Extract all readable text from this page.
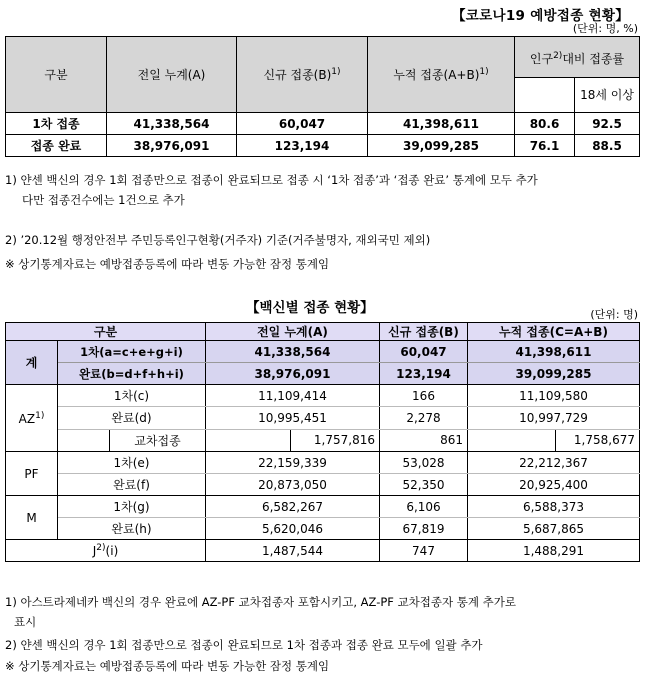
【코로나19 예방접종 현황】
(단위: 명, %)
구분	전일 누계(A)	신규 접종$(B)^{1)}$	누적 접종$(A+B)^{1)}$	인구$^{2)}$대비 접종률	
					18세 이상
1차 접종	41,338,564	60,047	41,398,611	80.6	92.5
접종 완료	38,976,091	123,194	39,099,285	76.1	88.5
1) 얀센 백신의 경우 1회 접종만으로 접종이 완료되므로 접종 시 ‘1차 접종’과 ‘접종 완료’ 통계에 모두 추가
다만 접종건수에는 1건으로 추가
2) ’20.12월 행정안전부 주민등록인구현황(거주자) 기준(거주불명자, 재외국민 제외)
※ 상기통계자료는 예방접종등록에 따라 변동 가능한 잠정 통계임
【백신별 접종 현황】	(단위: 명)
구분			전일 누계(A)		신규 접종(B)	누적 접종(C=A+B)	
계	1차(a=c+e+g+i)		41,338,564		60,047	41,398,611	
	완료(b=d+f+h+i)		38,976,091		123,194	39,099,285	
AZ$^{1)}$	1차(c)		11,109,414		166	11,109,580	
	완료(d)		10,995,451		2,278	10,997,729	
		교차접종		1,757,816	861		1,758,677
PF	1차(e)		22,159,339		53,028	22,212,367	
	완료(f)		20,873,050		52,350	20,925,400	
M	1차(g)		6,582,267		6,106	6,588,373	
	완료(h)		5,620,046		67,819	5,687,865	
$J^{2)}(i)$			1,487,544		747	1,488,291	
1) 아스트라제네카 백신의 경우 완료에 AZ-PF 교차접종자 포함시키고, AZ-PF 교차접종자 통계 추가로
표시
2) 얀센 백신의 경우 1회 접종만으로 접종이 완료되므로 1차 접종과 접종 완료 모두에 일괄 추가
※ 상기통계자료는 예방접종등록에 따라 변동 가능한 잠정 통계임
